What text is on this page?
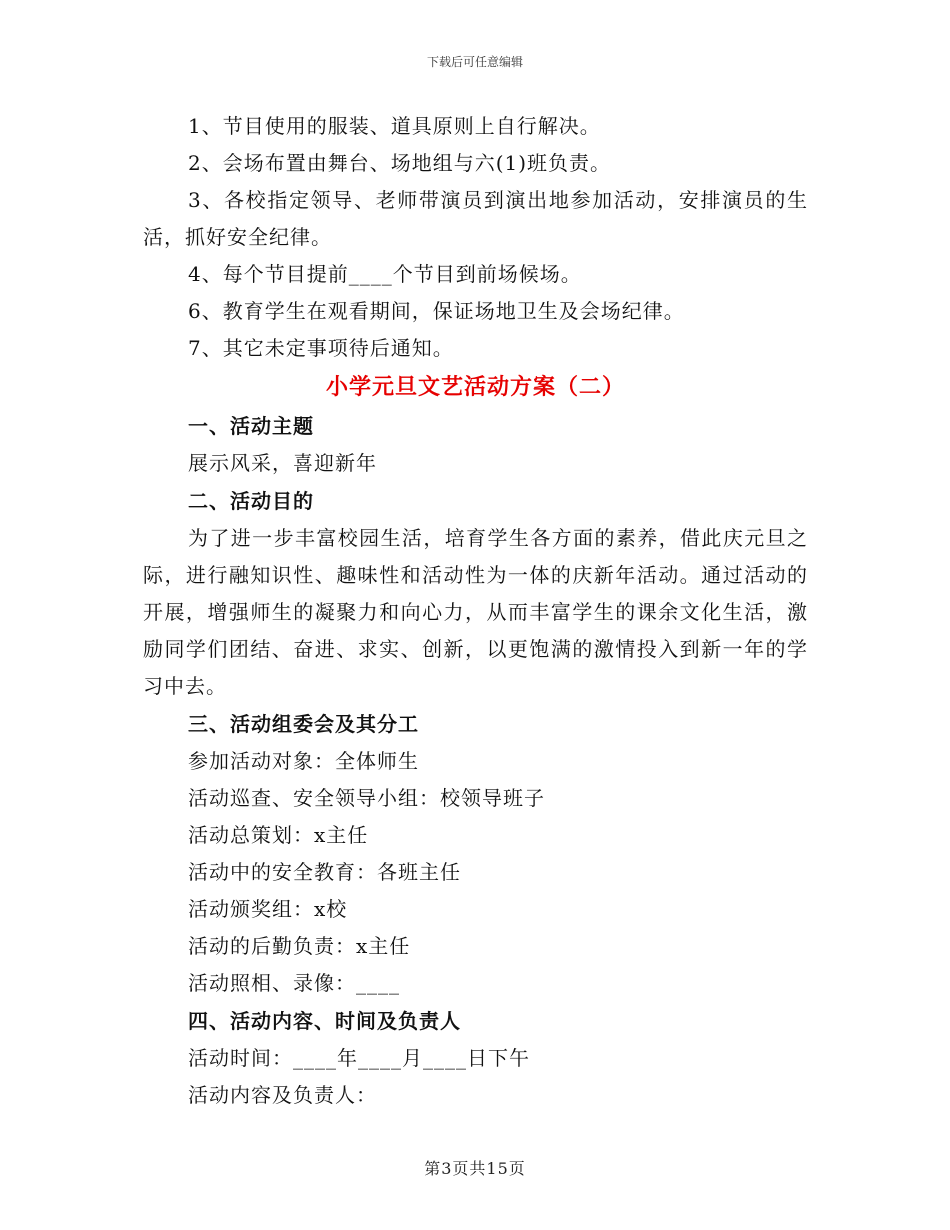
下载后可任意编辑

1、节目使用的服装、道具原则上自行解决。

2、会场布置由舞台、场地组与六(1)班负责。

3、各校指定领导、老师带演员到演出地参加活动，安排演员的生活，抓好安全纪律。

4、每个节目提前____个节目到前场候场。

6、教育学生在观看期间，保证场地卫生及会场纪律。

7、其它未定事项待后通知。

小学元旦文艺活动方案（二）

一、活动主题

展示风采，喜迎新年

二、活动目的

为了进一步丰富校园生活，培育学生各方面的素养，借此庆元旦之际，进行融知识性、趣味性和活动性为一体的庆新年活动。通过活动的开展，增强师生的凝聚力和向心力，从而丰富学生的课余文化生活，激励同学们团结、奋进、求实、创新，以更饱满的激情投入到新一年的学习中去。

三、活动组委会及其分工

参加活动对象：全体师生

活动巡查、安全领导小组：校领导班子

活动总策划：x主任

活动中的安全教育：各班主任

活动颁奖组：x校

活动的后勤负责：x主任

活动照相、录像：____

四、活动内容、时间及负责人

活动时间：____年____月____日下午

活动内容及负责人：

第3页共15页
